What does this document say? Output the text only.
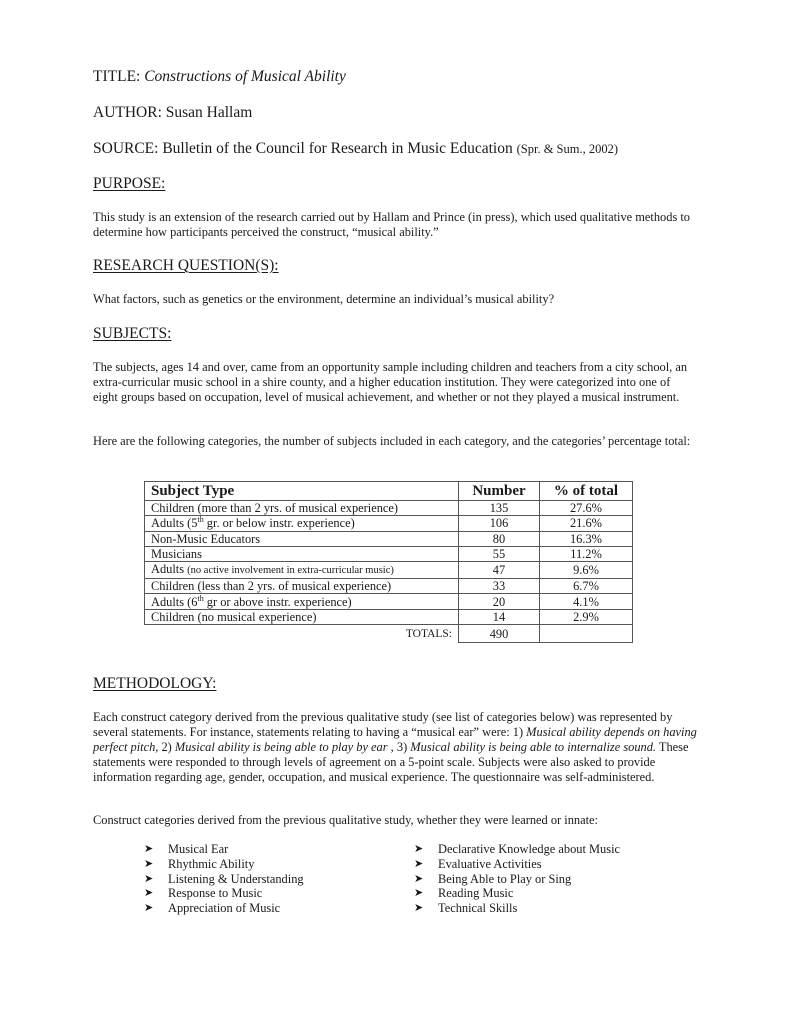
TITLE: Constructions of Musical Ability
AUTHOR: Susan Hallam
SOURCE: Bulletin of the Council for Research in Music Education (Spr. & Sum., 2002)
PURPOSE:
This study is an extension of the research carried out by Hallam and Prince (in press), which used qualitative methods to determine how participants perceived the construct, “musical ability.”
RESEARCH QUESTION(S):
What factors, such as genetics or the environment, determine an individual’s musical ability?
SUBJECTS:
The subjects, ages 14 and over, came from an opportunity sample including children and teachers from a city school, an extra-curricular music school in a shire county, and a higher education institution. They were categorized into one of eight groups based on occupation, level of musical achievement, and whether or not they played a musical instrument.
Here are the following categories, the number of subjects included in each category, and the categories’ percentage total:
Subject Type	Number	% of total
Children (more than 2 yrs. of musical experience)	135	27.6%
Adults (5th gr. or below instr. experience)	106	21.6%
Non-Music Educators	80	16.3%
Musicians	55	11.2%
Adults (no active involvement in extra-curricular music)	47	9.6%
Children (less than 2 yrs. of musical experience)	33	6.7%
Adults (6th gr or above instr. experience)	20	4.1%
Children (no musical experience)	14	2.9%
TOTALS:	490	
METHODOLOGY:
Each construct category derived from the previous qualitative study (see list of categories below) was represented by several statements. For instance, statements relating to having a “musical ear” were: 1) Musical ability depends on having perfect pitch, 2) Musical ability is being able to play by ear , 3) Musical ability is being able to internalize sound. These statements were responded to through levels of agreement on a 5-point scale. Subjects were also asked to provide information regarding age, gender, occupation, and musical experience. The questionnaire was self-administered.
Construct categories derived from the previous qualitative study, whether they were learned or innate:
➤ Musical Ear
➤ Rhythmic Ability
➤ Listening & Understanding
➤ Response to Music
➤ Appreciation of Music
➤ Declarative Knowledge about Music
➤ Evaluative Activities
➤ Being Able to Play or Sing
➤ Reading Music
➤ Technical Skills
